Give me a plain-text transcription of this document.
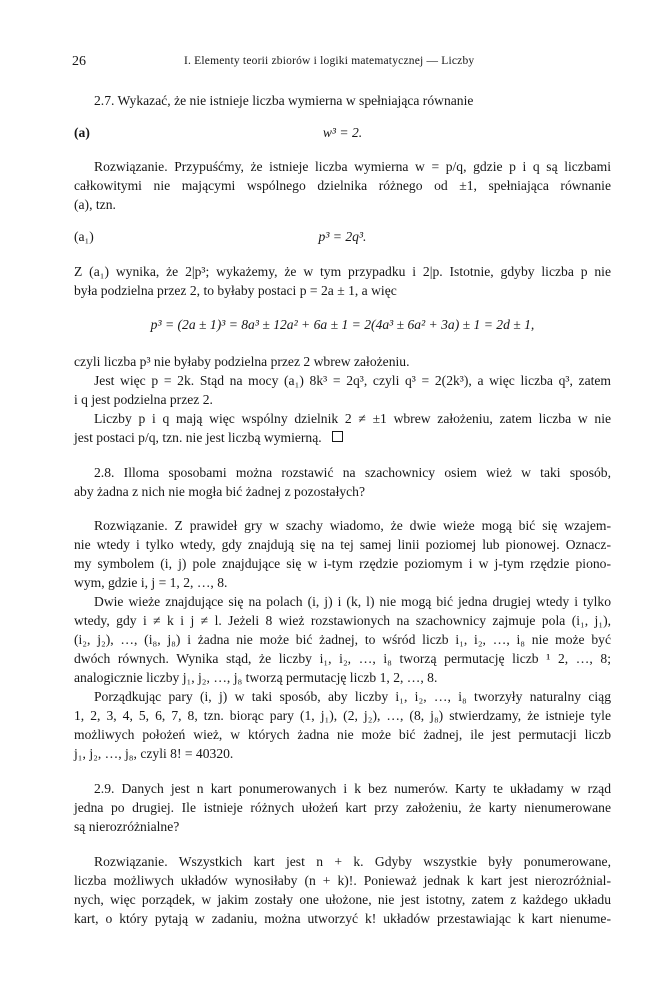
26	I. Elementy teorii zbiorów i logiki matematycznej — Liczby
2.7. Wykazać, że nie istnieje liczba wymierna w spełniająca równanie
(a)	w³ = 2.
Rozwiązanie. Przypuśćmy, że istnieje liczba wymierna w = p/q, gdzie p i q są liczbami
całkowitymi nie mającymi wspólnego dzielnika różnego od ±1, spełniająca równanie
(a), tzn.
(a₁)	p³ = 2q³.
Z (a₁) wynika, że 2|p³; wykażemy, że w tym przypadku i 2|p. Istotnie, gdyby liczba p nie
była podzielna przez 2, to byłaby postaci p = 2a ± 1, a więc
p³ = (2a ± 1)³ = 8a³ ± 12a² + 6a ± 1 = 2(4a³ ± 6a² + 3a) ± 1 = 2d ± 1,
czyli liczba p³ nie byłaby podzielna przez 2 wbrew założeniu.
Jest więc p = 2k. Stąd na mocy (a₁) 8k³ = 2q³, czyli q³ = 2(2k³), a więc liczba q³, zatem
i q jest podzielna przez 2.
Liczby p i q mają więc wspólny dzielnik 2 ≠ ±1 wbrew założeniu, zatem liczba w nie
jest postaci p/q, tzn. nie jest liczbą wymierną.
2.8. Illoma sposobami można rozstawić na szachownicy osiem wież w taki sposób,
aby żadna z nich nie mogła bić żadnej z pozostałych?
Rozwiązanie. Z prawideł gry w szachy wiadomo, że dwie wieże mogą bić się wzajem-
nie wtedy i tylko wtedy, gdy znajdują się na tej samej linii poziomej lub pionowej. Oznacz-
my symbolem (i, j) pole znajdujące się w i-tym rzędzie poziomym i w j-tym rzędzie piono-
wym, gdzie i, j = 1, 2, …, 8.
Dwie wieże znajdujące się na polach (i, j) i (k, l) nie mogą bić jedna drugiej wtedy i tylko
wtedy, gdy i ≠ k i j ≠ l. Jeżeli 8 wież rozstawionych na szachownicy zajmuje pola (i₁, j₁),
(i₂, j₂), …, (i₈, j₈) i żadna nie może bić żadnej, to wśród liczb i₁, i₂, …, i₈ nie może być
dwóch równych. Wynika stąd, że liczby i₁, i₂, …, i₈ tworzą permutację liczb ¹ 2, …, 8;
analogicznie liczby j₁, j₂, …, j₈ tworzą permutację liczb 1, 2, …, 8.
Porządkując pary (i, j) w taki sposób, aby liczby i₁, i₂, …, i₈ tworzyły naturalny ciąg
1, 2, 3, 4, 5, 6, 7, 8, tzn. biorąc pary (1, j₁), (2, j₂), …, (8, j₈) stwierdzamy, że istnieje tyle
możliwych położeń wież, w których żadna nie może bić żadnej, ile jest permutacji liczb
j₁, j₂, …, j₈, czyli 8! = 40320.
2.9. Danych jest n kart ponumerowanych i k bez numerów. Karty te układamy w rząd
jedna po drugiej. Ile istnieje różnych ułożeń kart przy założeniu, że karty nienumerowane
są nierozróżnialne?
Rozwiązanie. Wszystkich kart jest n + k. Gdyby wszystkie były ponumerowane,
liczba możliwych układów wynosiłaby (n + k)!. Ponieważ jednak k kart jest nierozróżnial-
nych, więc porządek, w jakim zostały one ułożone, nie jest istotny, zatem z każdego układu
kart, o który pytają w zadaniu, można utworzyć k! układów przestawiając k kart nienume-
